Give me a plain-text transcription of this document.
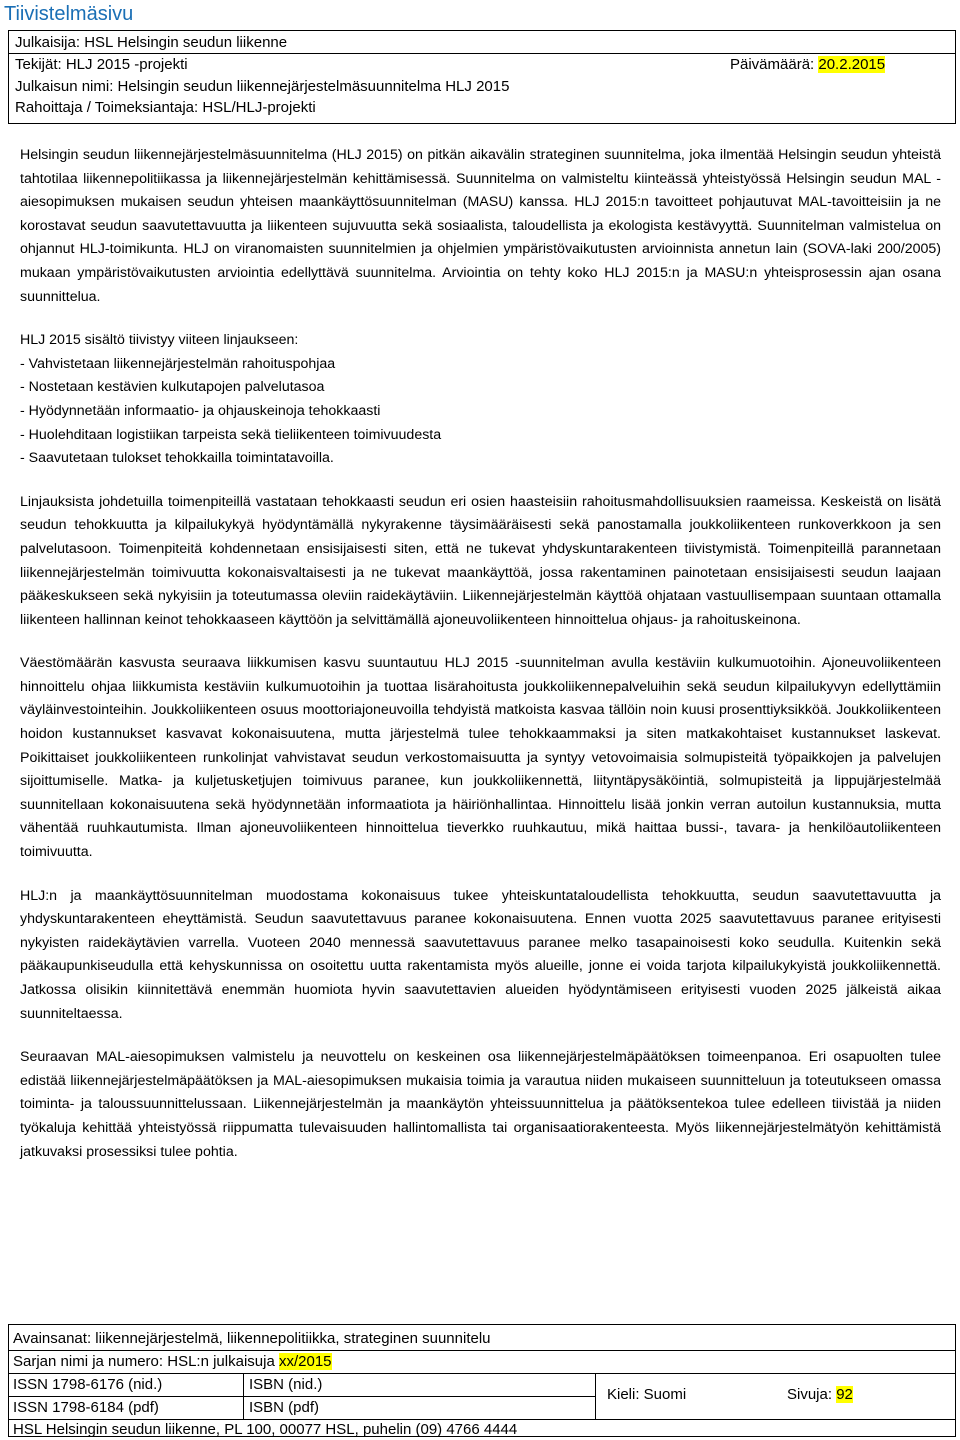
Tiivistelmäsivu
Julkaisija: HSL Helsingin seudun liikenne
Tekijät: HLJ 2015 -projekti	Päivämäärä: 20.2.2015
Julkaisun nimi: Helsingin seudun liikennejärjestelmäsuunnitelma HLJ 2015
Rahoittaja / Toimeksiantaja: HSL/HLJ-projekti

Helsingin seudun liikennejärjestelmäsuunnitelma (HLJ 2015) on pitkän aikavälin strateginen suunnitelma, joka ilmentää Helsingin seudun yhteistä tahtotilaa liikennepolitiikassa ja liikennejärjestelmän kehittämisessä. Suunnitelma on valmisteltu kiinteässä yhteistyössä Helsingin seudun MAL -aiesopimuksen mukaisen seudun yhteisen maankäyttösuunnitelman (MASU) kanssa. HLJ 2015:n tavoitteet pohjautuvat MAL-tavoitteisiin ja ne korostavat seudun saavutettavuutta ja liikenteen sujuvuutta sekä sosiaalista, taloudellista ja ekologista kestävyyttä. Suunnitelman valmistelua on ohjannut HLJ-toimikunta. HLJ on viranomaisten suunnitelmien ja ohjelmien ympäristövaikutusten arvioinnista annetun lain (SOVA-laki 200/2005) mukaan ympäristövaikutusten arviointia edellyttävä suunnitelma. Arviointia on tehty koko HLJ 2015:n ja MASU:n yhteisprosessin ajan osana suunnittelua.

HLJ 2015 sisältö tiivistyy viiteen linjaukseen:

- Vahvistetaan liikennejärjestelmän rahoituspohjaa
- Nostetaan kestävien kulkutapojen palvelutasoa
- Hyödynnetään informaatio- ja ohjauskeinoja tehokkaasti
- Huolehditaan logistiikan tarpeista sekä tieliikenteen toimivuudesta
- Saavutetaan tulokset tehokkailla toimintatavoilla.

Linjauksista johdetuilla toimenpiteillä vastataan tehokkaasti seudun eri osien haasteisiin rahoitusmahdollisuuksien raameissa. Keskeistä on lisätä seudun tehokkuutta ja kilpailukykyä hyödyntämällä nykyrakenne täysimääräisesti sekä panostamalla joukkoliikenteen runkoverkkoon ja sen palvelutasoon. Toimenpiteitä kohdennetaan ensisijaisesti siten, että ne tukevat yhdyskuntarakenteen tiivistymistä. Toimenpiteillä parannetaan liikennejärjestelmän toimivuutta kokonaisvaltaisesti ja ne tukevat maankäyttöä, jossa rakentaminen painotetaan ensisijaisesti seudun laajaan pääkeskukseen sekä nykyisiin ja toteutumassa oleviin raidekäytäviin. Liikennejärjestelmän käyttöä ohjataan vastuullisempaan suuntaan ottamalla liikenteen hallinnan keinot tehokkaaseen käyttöön ja selvittämällä ajoneuvoliikenteen hinnoittelua ohjaus- ja rahoituskeinona.

Väestömäärän kasvusta seuraava liikkumisen kasvu suuntautuu HLJ 2015 -suunnitelman avulla kestäviin kulkumuotoihin. Ajoneuvoliikenteen hinnoittelu ohjaa liikkumista kestäviin kulkumuotoihin ja tuottaa lisärahoitusta joukkoliikennepalveluihin sekä seudun kilpailukyvyn edellyttämiin väyläinvestointeihin. Joukkoliikenteen osuus moottoriajoneuvoilla tehdyistä matkoista kasvaa tällöin noin kuusi prosenttiyksikköä. Joukkoliikenteen hoidon kustannukset kasvavat kokonaisuutena, mutta järjestelmä tulee tehokkaammaksi ja siten matkakohtaiset kustannukset laskevat. Poikittaiset joukkoliikenteen runkolinjat vahvistavat seudun verkostomaisuutta ja syntyy vetovoimaisia solmupisteitä työpaikkojen ja palvelujen sijoittumiselle. Matka- ja kuljetusketjujen toimivuus paranee, kun joukkoliikennettä, liityntäpysäköintiä, solmupisteitä ja lippujärjestelmää suunnitellaan kokonaisuutena sekä hyödynnetään informaatiota ja häiriönhallintaa. Hinnoittelu lisää jonkin verran autoilun kustannuksia, mutta vähentää ruuhkautumista. Ilman ajoneuvoliikenteen hinnoittelua tieverkko ruuhkautuu, mikä haittaa bussi-, tavara- ja henkilöautoliikenteen toimivuutta.

HLJ:n ja maankäyttösuunnitelman muodostama kokonaisuus tukee yhteiskuntataloudellista tehokkuutta, seudun saavutettavuutta ja yhdyskuntarakenteen eheyttämistä. Seudun saavutettavuus paranee kokonaisuutena. Ennen vuotta 2025 saavutettavuus paranee erityisesti nykyisten raidekäytävien varrella. Vuoteen 2040 mennessä saavutettavuus paranee melko tasapainoisesti koko seudulla. Kuitenkin sekä pääkaupunkiseudulla että kehyskunnissa on osoitettu uutta rakentamista myös alueille, jonne ei voida tarjota kilpailukykyistä joukkoliikennettä. Jatkossa olisikin kiinnitettävä enemmän huomiota hyvin saavutettavien alueiden hyödyntämiseen erityisesti vuoden 2025 jälkeistä aikaa suunniteltaessa.

Seuraavan MAL-aiesopimuksen valmistelu ja neuvottelu on keskeinen osa liikennejärjestelmäpäätöksen toimeenpanoa. Eri osapuolten tulee edistää liikennejärjestelmäpäätöksen ja MAL-aiesopimuksen mukaisia toimia ja varautua niiden mukaiseen suunnitteluun ja toteutukseen omassa toiminta- ja taloussuunnittelussaan. Liikennejärjestelmän ja maankäytön yhteissuunnittelua ja päätöksentekoa tulee edelleen tiivistää ja niiden työkaluja kehittää yhteistyössä riippumatta tulevaisuuden hallintomallista tai organisaatiorakenteesta. Myös liikennejärjestelmätyön kehittämistä jatkuvaksi prosessiksi tulee pohtia.

Avainsanat: liikennejärjestelmä, liikennepolitiikka, strateginen suunnitelu
Sarjan nimi ja numero: HSL:n julkaisuja xx/2015
ISSN 1798-6176 (nid.)	ISBN (nid.)
ISSN 1798-6184 (pdf)	ISBN (pdf)
Kieli: Suomi	Sivuja: 92
HSL Helsingin seudun liikenne, PL 100, 00077 HSL, puhelin (09) 4766 4444
